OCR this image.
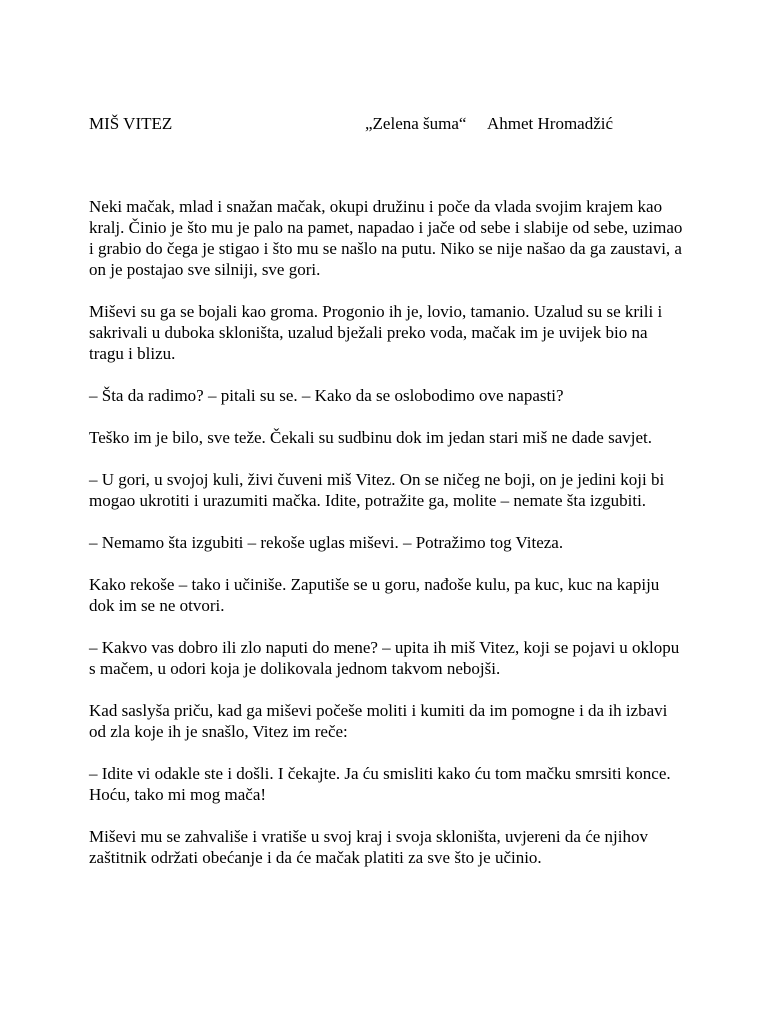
MIŠ VITEZ	„Zelena šuma“ Ahmet Hromadžić

Neki mačak, mlad i snažan mačak, okupi družinu i poče da vlada svojim krajem kao kralj. Činio je što mu je palo na pamet, napadao i jače od sebe i slabije od sebe, uzimao i grabio do čega je stigao i što mu se našlo na putu. Niko se nije našao da ga zaustavi, a on je postajao sve silniji, sve gori.

Miševi su ga se bojali kao groma. Progonio ih je, lovio, tamanio. Uzalud su se krili i sakrivali u duboka skloništa, uzalud bježali preko voda, mačak im je uvijek bio na tragu i blizu.

– Šta da radimo? – pitali su se. – Kako da se oslobodimo ove napasti?

Teško im je bilo, sve teže. Čekali su sudbinu dok im jedan stari miš ne dade savjet.

– U gori, u svojoj kuli, živi čuveni miš Vitez. On se ničeg ne boji, on je jedini koji bi mogao ukrotiti i urazumiti mačka. Idite, potražite ga, molite – nemate šta izgubiti.

– Nemamo šta izgubiti – rekoše uglas miševi. – Potražimo tog Viteza.

Kako rekoše – tako i učiniše. Zaputiše se u goru, nađoše kulu, pa kuc, kuc na kapiju dok im se ne otvori.

– Kakvo vas dobro ili zlo naputi do mene? – upita ih miš Vitez, koji se pojavi u oklopu s mačem, u odori koja je dolikovala jednom takvom nebojši.

Kad saslуša priču, kad ga miševi počeše moliti i kumiti da im pomogne i da ih izbavi od zla koje ih je snašlo, Vitez im reče:

– Idite vi odakle ste i došli. I čekajte. Ja ću smisliti kako ću tom mačku smrsiti konce. Hoću, tako mi mog mača!

Miševi mu se zahvališe i vratiše u svoj kraj i svoja skloništa, uvjereni da će njihov zaštitnik održati obećanje i da će mačak platiti za sve što je učinio.
